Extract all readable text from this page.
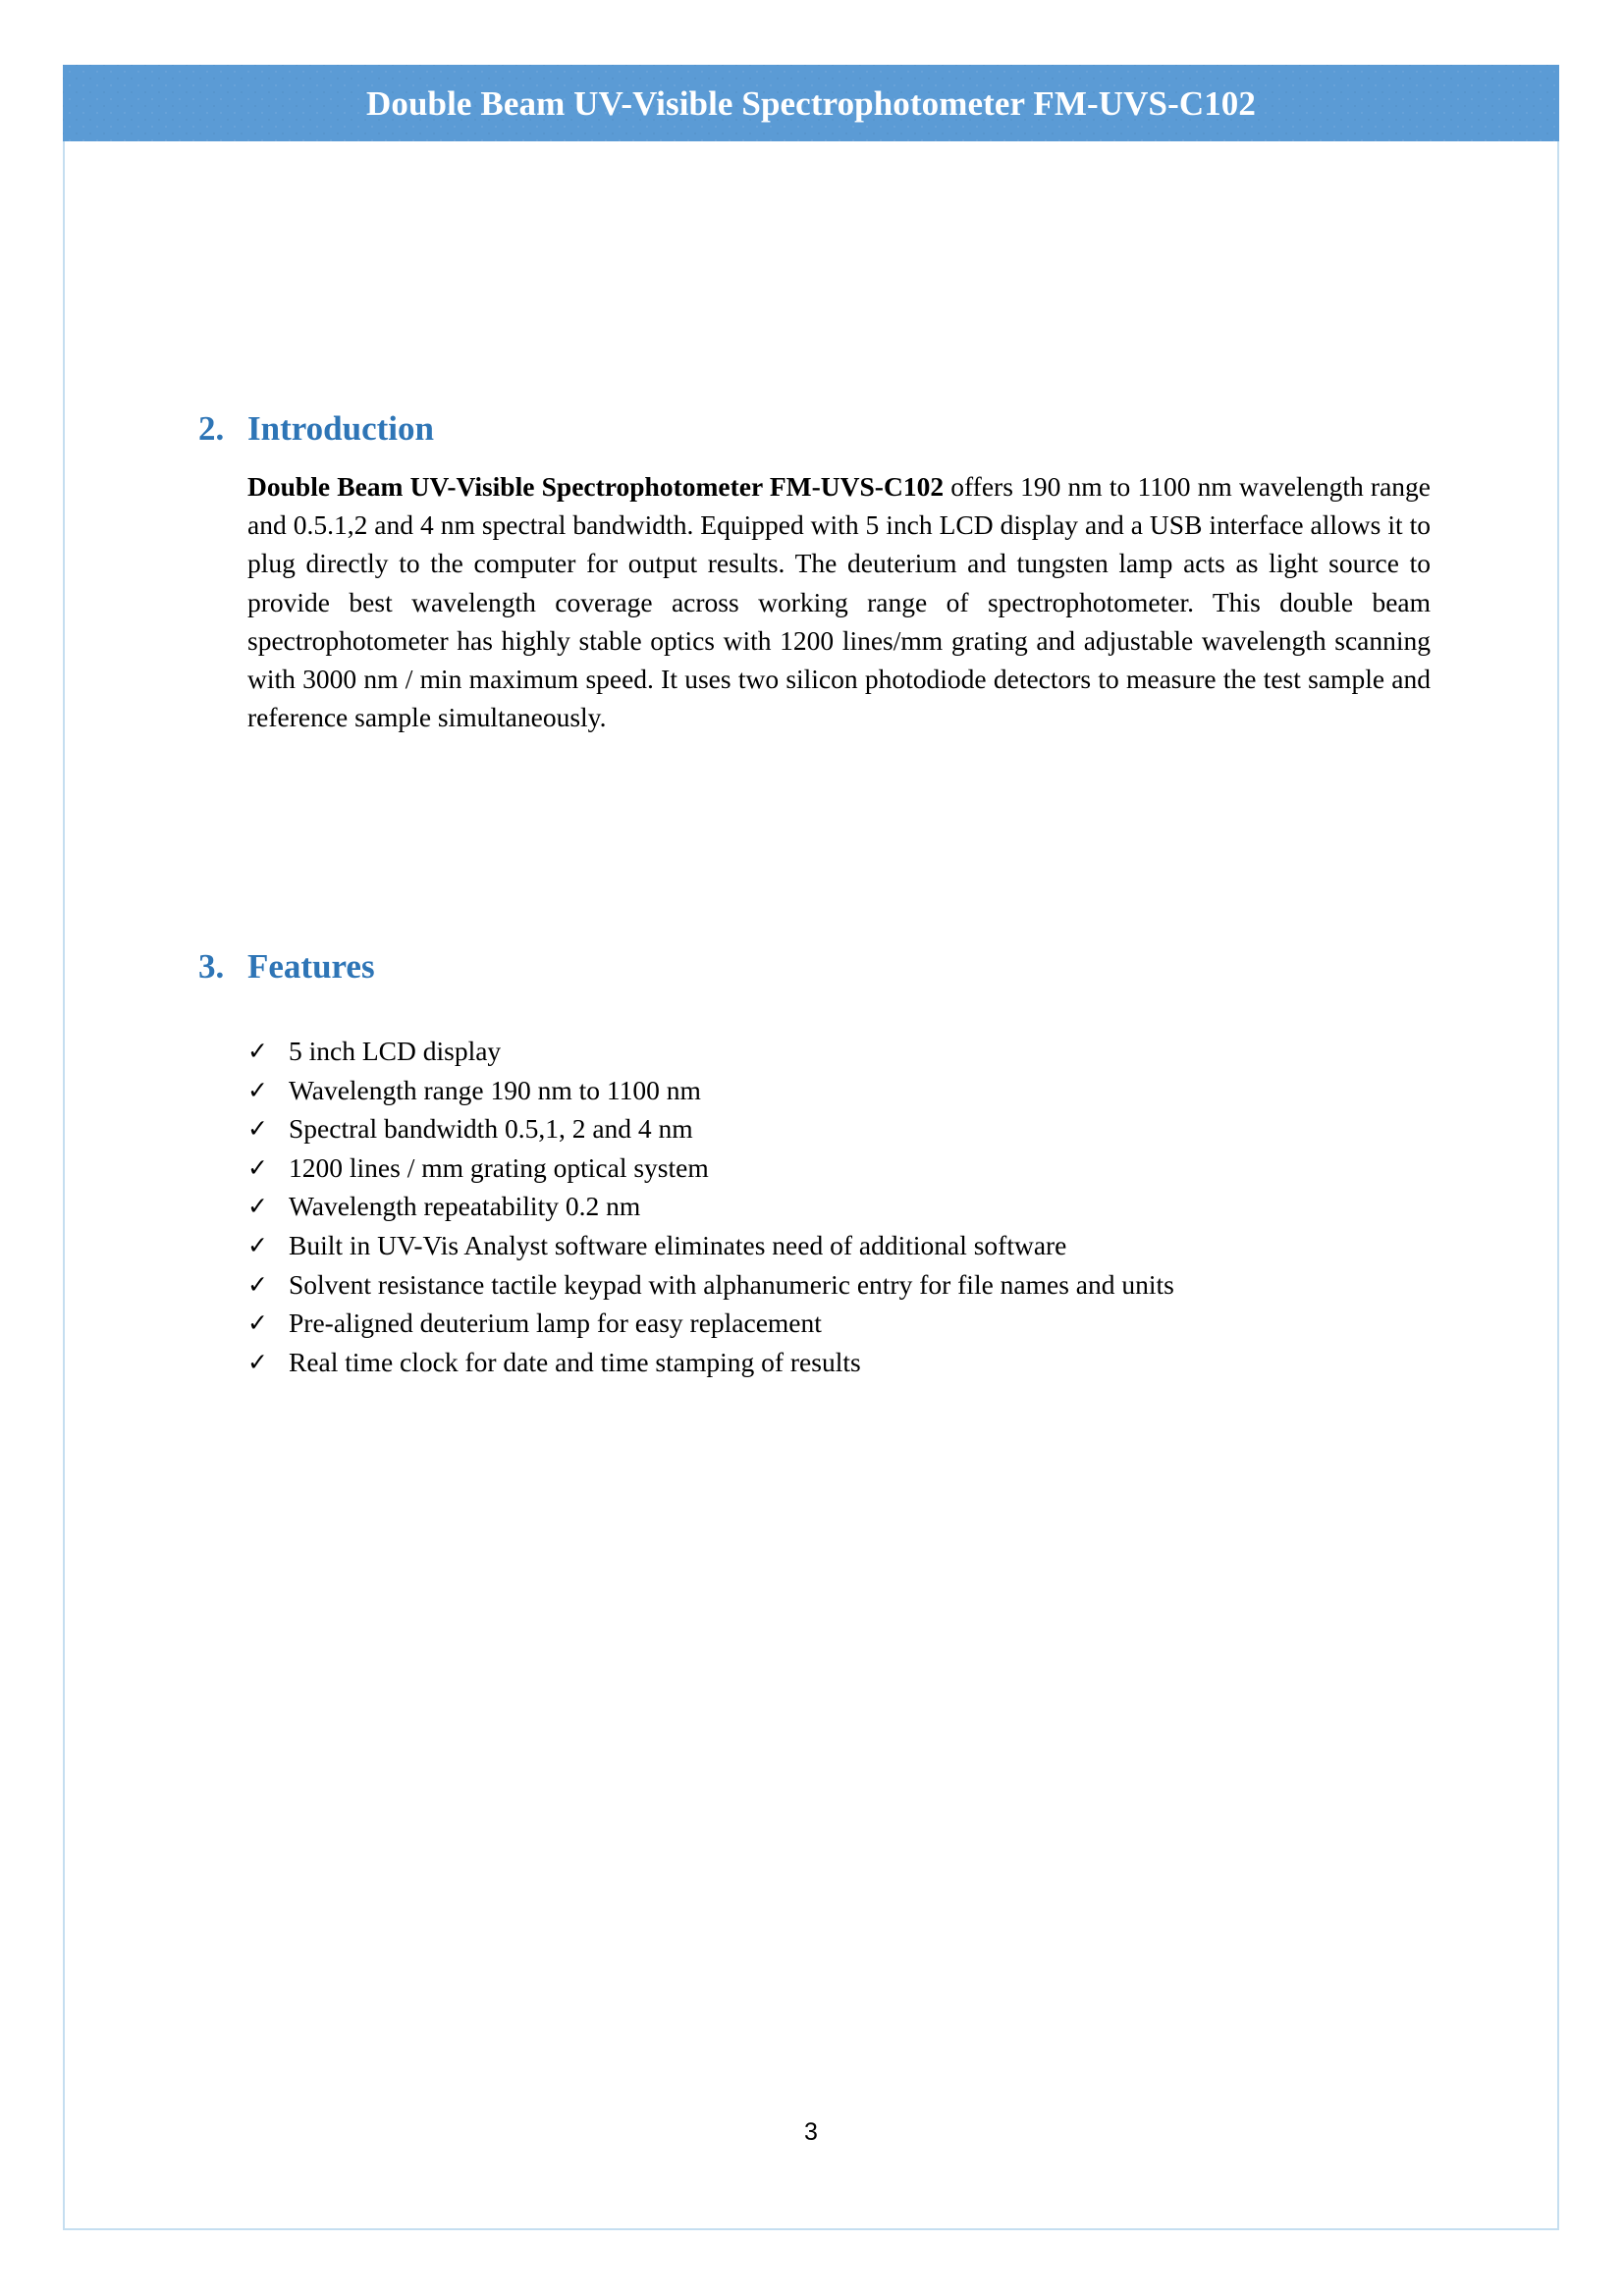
Double Beam UV-Visible Spectrophotometer FM-UVS-C102
2. Introduction

Double Beam UV-Visible Spectrophotometer FM-UVS-C102 offers 190 nm to 1100 nm wavelength range and 0.5.1,2 and 4 nm spectral bandwidth. Equipped with 5 inch LCD display and a USB interface allows it to plug directly to the computer for output results. The deuterium and tungsten lamp acts as light source to provide best wavelength coverage across working range of spectrophotometer. This double beam spectrophotometer has highly stable optics with 1200 lines/mm grating and adjustable wavelength scanning with 3000 nm / min maximum speed. It uses two silicon photodiode detectors to measure the test sample and reference sample simultaneously.

3. Features
✓ 5 inch LCD display
✓ Wavelength range 190 nm to 1100 nm
✓ Spectral bandwidth 0.5,1, 2 and 4 nm
✓ 1200 lines / mm grating optical system
✓ Wavelength repeatability 0.2 nm
✓ Built in UV-Vis Analyst software eliminates need of additional software
✓ Solvent resistance tactile keypad with alphanumeric entry for file names and units
✓ Pre-aligned deuterium lamp for easy replacement
✓ Real time clock for date and time stamping of results
3
